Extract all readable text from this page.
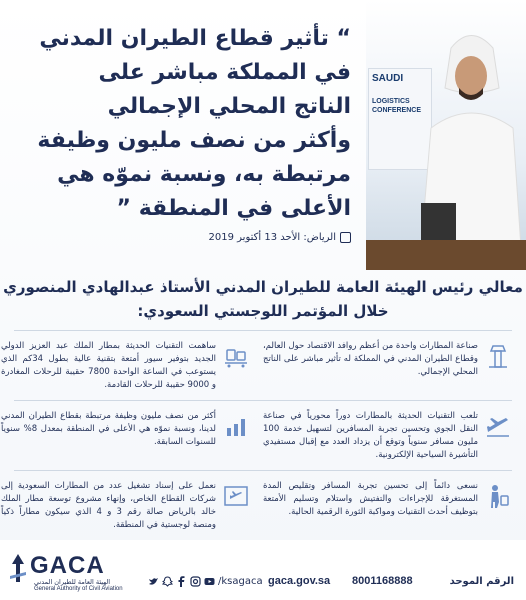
SAUDI
LOGISTICS
CONFERENCE
“ تأثير قطاع الطيران المدني
في المملكة مباشر على
الناتج المحلي الإجمالي
وأكثر من نصف مليون وظيفة
مرتبطة به، ونسبة نموّه هي
الأعلى في المنطقة ”
الرياض: الأحد 13 أكتوبر 2019
معالي رئيس الهيئة العامة للطيران المدني الأستاذ عبدالهادي المنصوري
خلال المؤتمر اللوجستي السعودي:
صناعة المطارات واحدة من أعظم روافد الاقتصاد حول العالم، وقطاع الطيران المدني في المملكة له تأثير مباشر على الناتج المحلي الإجمالي.
ساهمت التقنيات الحديثة بمطار الملك عبد العزيز الدولي الجديد بتوفير سيور أمتعة بتقنية عالية بطول 34كم الذي يستوعب في الساعة الواحدة 7800 حقيبة للرحلات المغادرة و 9000 حقيبة للرحلات القادمة.
تلعب التقنيات الحديثة بالمطارات دوراً محورياً في صناعة النقل الجوي وتحسين تجربة المسافرين لتسهيل خدمة 100 مليون مسافر سنوياً وتوقع أن يزداد العدد مع إقبال مستفيدي التأشيرة السياحية الإلكترونية.
أكثر من نصف مليون وظيفة مرتبطة بقطاع الطيران المدني لدينا، ونسبة نموّه هي الأعلى في المنطقة بمعدل 8% سنوياً للسنوات السابقة.
نسعى دائماً إلى تحسين تجربة المسافر وتقليص المدة المستغرقة للإجراءات والتفتيش واستلام وتسليم الأمتعة بتوظيف أحدث التقنيات ومواكبة الثورة الرقمية الحالية.
نعمل على إسناد تشغيل عدد من المطارات السعودية إلى شركات القطاع الخاص، وإنهاء مشروع توسعة مطار الملك خالد بالرياض صالة رقم 3 و 4 الذي سيكون مطاراً ذكياً ومنصة لوجستية في المنطقة.
GACA
الهيئة العامة للطيران المدني
General Authority of Civil Aviation
/ksagaca gaca.gov.sa 8001168888	الرقم الموحد
